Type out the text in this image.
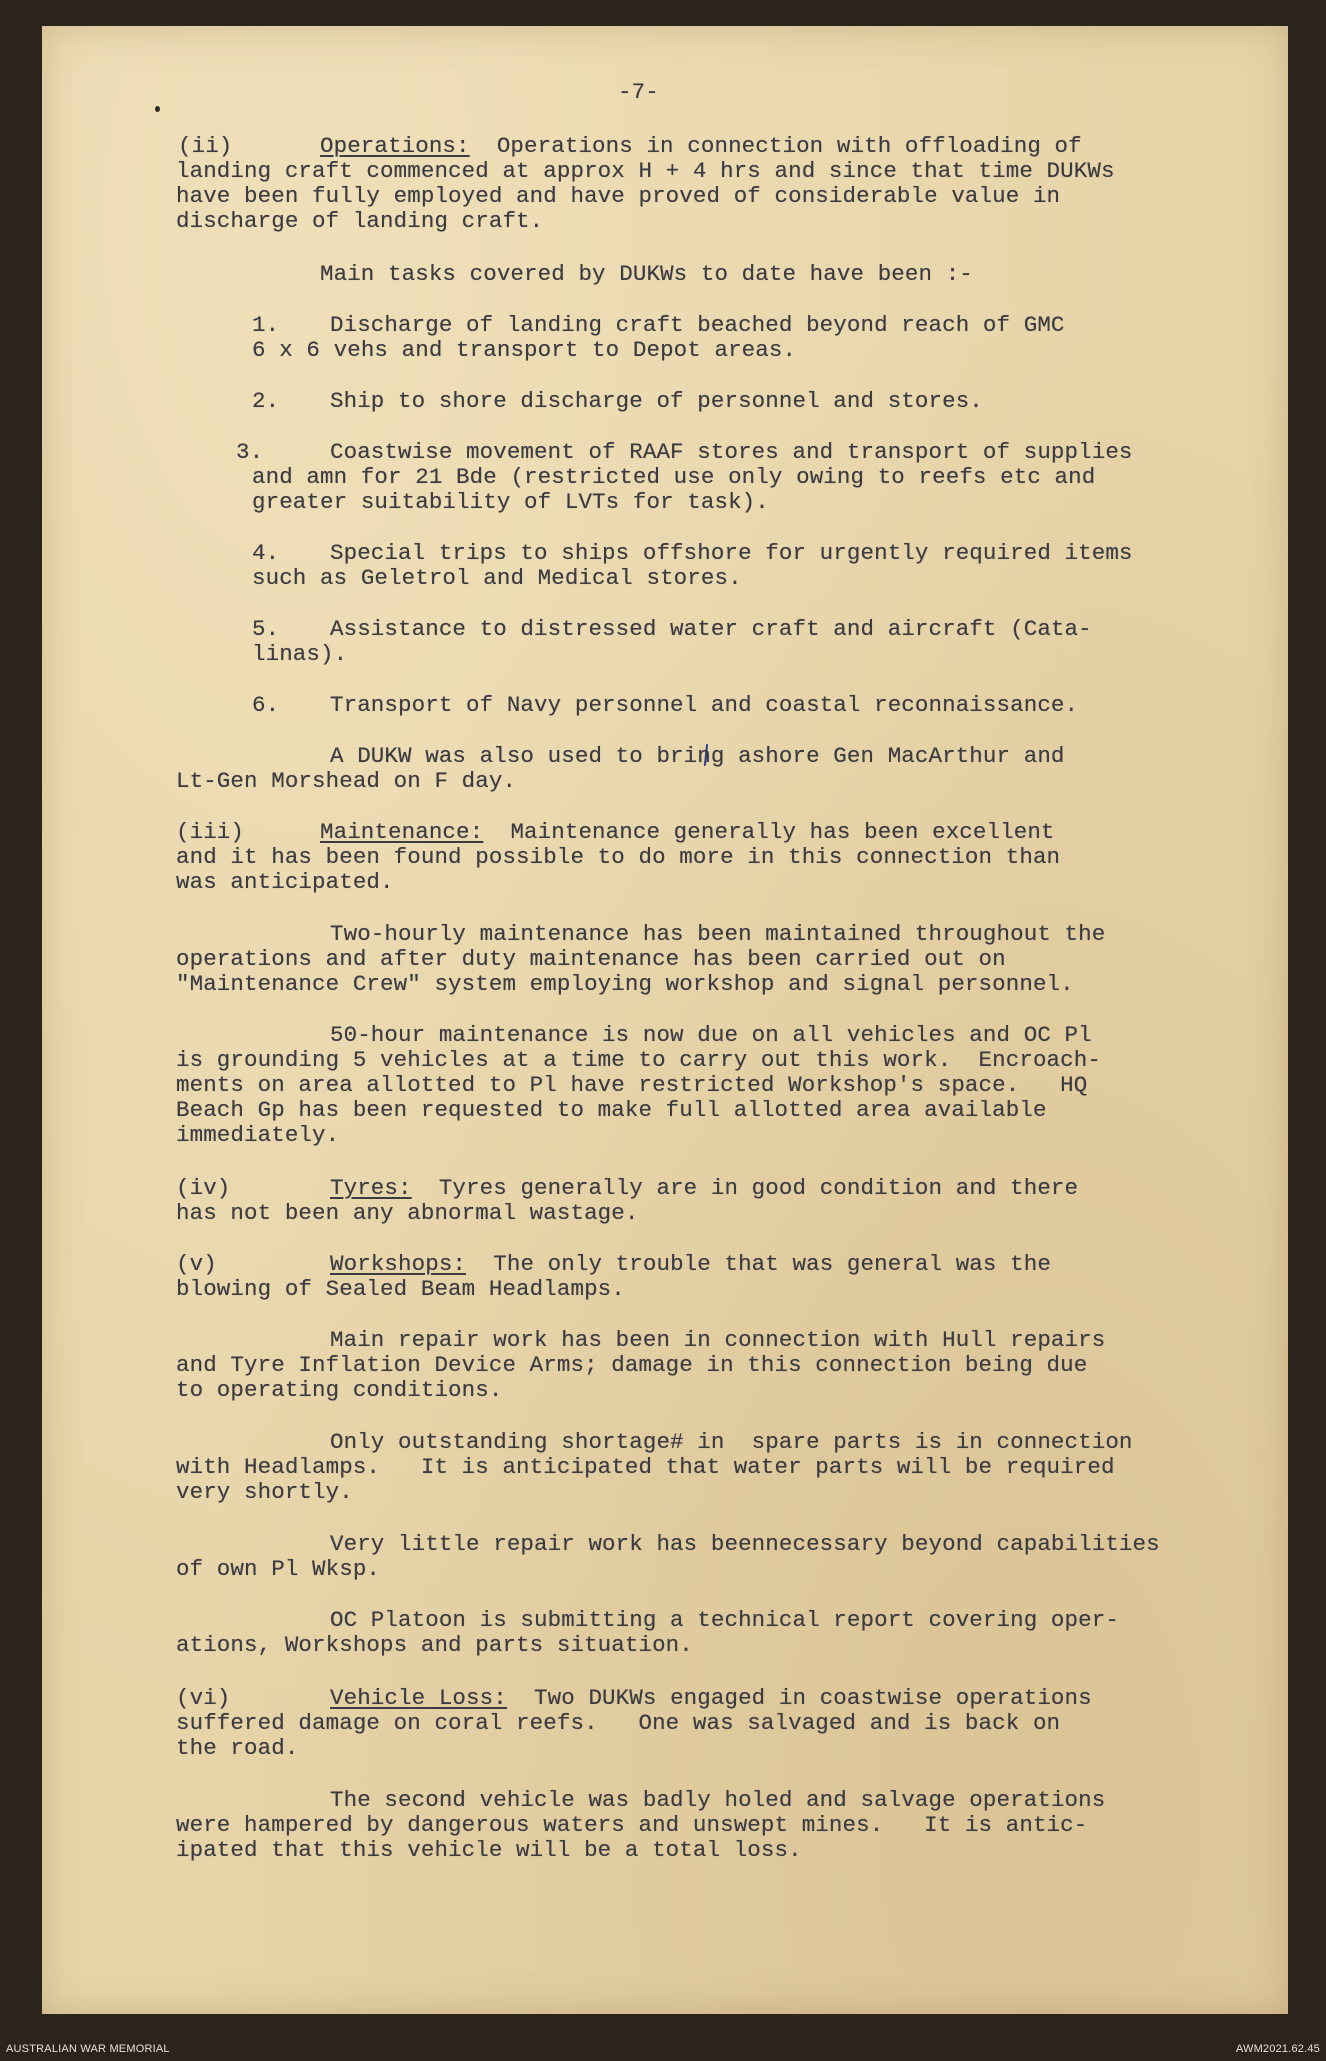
-7-
(ii)	Operations:  Operations in connection with offloading of
landing craft commenced at approx H + 4 hrs and since that time DUKWs
have been fully employed and have proved of considerable value in
discharge of landing craft.
Main tasks covered by DUKWs to date have been :-
1. Discharge of landing craft beached beyond reach of GMC
6 x 6 vehs and transport to Depot areas.
2. Ship to shore discharge of personnel and stores.
3.	Coastwise movement of RAAF stores and transport of supplies
and amn for 21 Bde (restricted use only owing to reefs etc and
greater suitability of LVTs for task).
4. Special trips to ships offshore for urgently required items
such as Geletrol and Medical stores.
5. Assistance to distressed water craft and aircraft (Cata-
linas).
6. Transport of Navy personnel and coastal reconnaissance.
A DUKW was also used to bring ashore Gen MacArthur and
Lt-Gen Morshead on F day.
(iii)	Maintenance:  Maintenance generally has been excellent
and it has been found possible to do more in this connection than
was anticipated.
Two-hourly maintenance has been maintained throughout the
operations and after duty maintenance has been carried out on
"Maintenance Crew" system employing workshop and signal personnel.
50-hour maintenance is now due on all vehicles and OC Pl
is grounding 5 vehicles at a time to carry out this work.  Encroach-
ments on area allotted to Pl have restricted Workshop's space.   HQ
Beach Gp has been requested to make full allotted area available
immediately.
(iv)	Tyres:  Tyres generally are in good condition and there
has not been any abnormal wastage.
(v)	Workshops:  The only trouble that was general was the
blowing of Sealed Beam Headlamps.
Main repair work has been in connection with Hull repairs
and Tyre Inflation Device Arms; damage in this connection being due
to operating conditions.
Only outstanding shortage# in  spare parts is in connection
with Headlamps.   It is anticipated that water parts will be required
very shortly.
Very little repair work has beennecessary beyond capabilities
of own Pl Wksp.
OC Platoon is submitting a technical report covering oper-
ations, Workshops and parts situation.
(vi)	Vehicle Loss:  Two DUKWs engaged in coastwise operations
suffered damage on coral reefs.   One was salvaged and is back on
the road.
The second vehicle was badly holed and salvage operations
were hampered by dangerous waters and unswept mines.   It is antic-
ipated that this vehicle will be a total loss.
AUSTRALIAN WAR MEMORIAL	AWM2021.62.45
